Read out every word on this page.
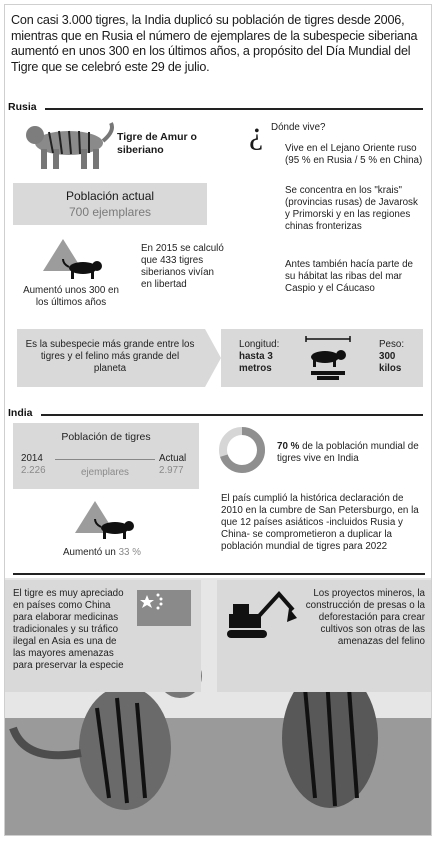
Con casi 3.000 tigres, la India duplicó su población de tigres desde 2006, mientras que en Rusia el número de ejemplares de la subespecie siberiana aumentó en unos 300 en los últimos años, a propósito del Día Mundial del Tigre que se celebró este 29 de julio.
Rusia
Tigre de Amur o siberiano
Población actual
700 ejemplares
Aumentó unos 300 en los últimos años
En 2015 se calculó que 433 tigres siberianos vivían en libertad
¿ Dónde vive?
Vive en el Lejano Oriente ruso (95 % en Rusia / 5 % en China)
Se concentra en los "krais" (provincias rusas) de Javarosk y Primorski y en las regiones chinas fronterizas
Antes también hacía parte de su hábitat las ribas del mar Caspio y el Cáucaso
Es la subespecie más grande entre los tigres y el felino más grande del planeta
Longitud:
hasta 3 metros
Peso:
300 kilos
India
Población de tigres
2014
2.226	ejemplares
Actual
2.977
Aumentó un 33 %
70 % de la población mundial de tigres vive en India
El país cumplió la histórica declaración de 2010 en la cumbre de San Petersburgo, en la que 12 países asiáticos -incluidos Rusia y China- se comprometieron a duplicar la población mundial de tigres para 2022
El tigre es muy apreciado en países como China para elaborar medicinas tradicionales y su tráfico ilegal en Asia es una de las mayores amenazas para preservar la especie
Los proyectos mineros, la construcción de presas o la deforestación para crear cultivos son otras de las amenazas del felino
